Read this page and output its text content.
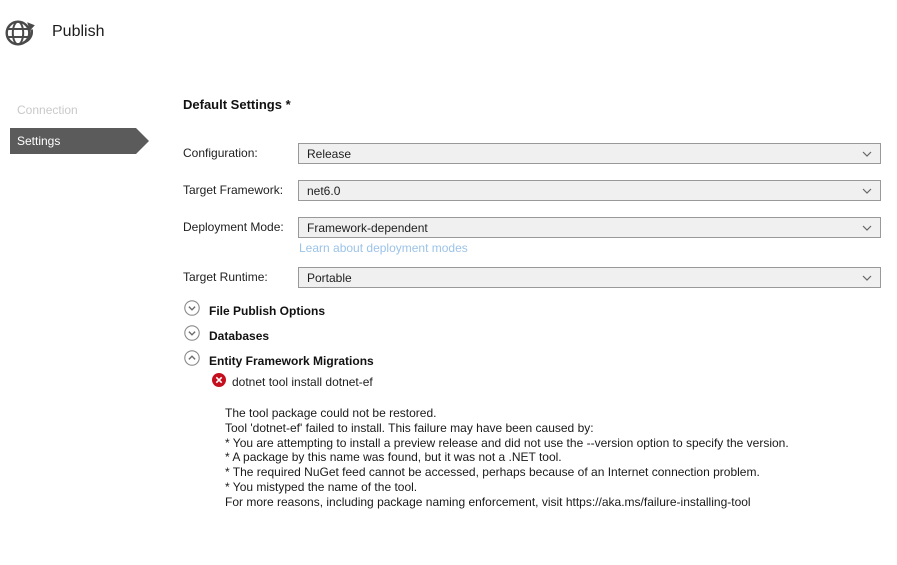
Publish
Connection
Settings
Default Settings *
Configuration:	Release
Target Framework: net6.0
Deployment Mode: Framework-dependent
Learn about deployment modes
Target Runtime:	Portable
File Publish Options
Databases
Entity Framework Migrations
dotnet tool install dotnet-ef
The tool package could not be restored.
Tool 'dotnet-ef' failed to install. This failure may have been caused by:
* You are attempting to install a preview release and did not use the --version option to specify the version.
* A package by this name was found, but it was not a .NET tool.
* The required NuGet feed cannot be accessed, perhaps because of an Internet connection problem.
* You mistyped the name of the tool.
For more reasons, including package naming enforcement, visit https://aka.ms/failure-installing-tool
